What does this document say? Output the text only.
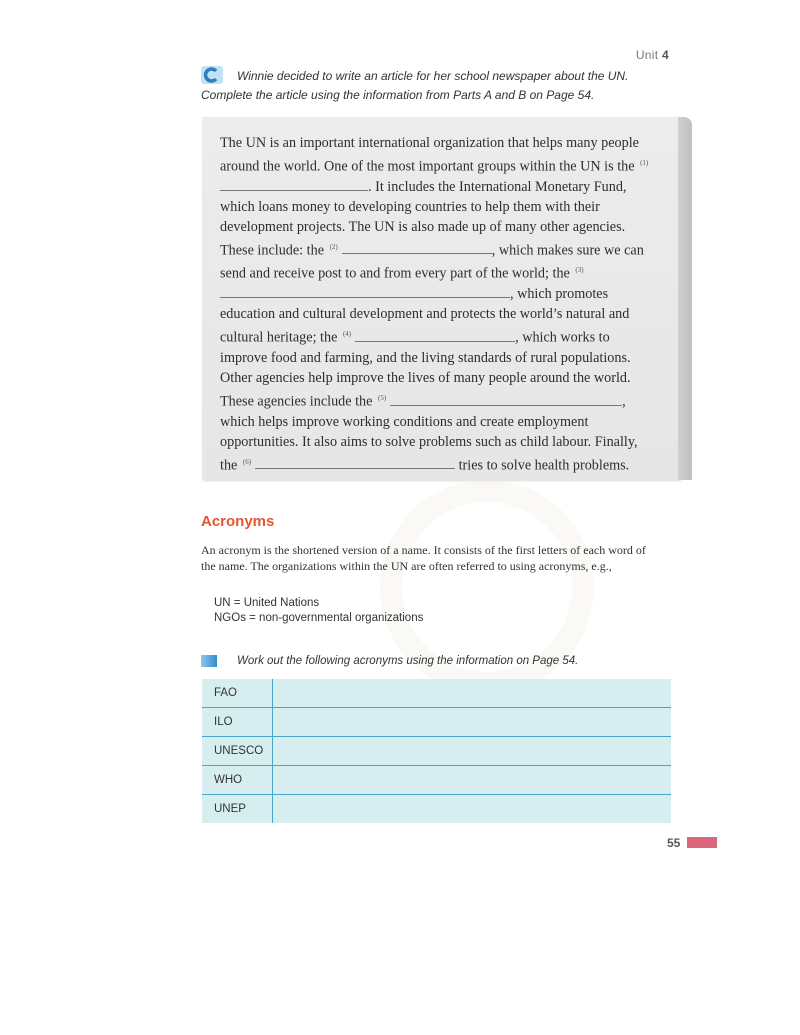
Unit 4
Winnie decided to write an article for her school newspaper about the UN.
Complete the article using the information from Parts A and B on Page 54.
The UN is an important international organization that helps many people around the world. One of the most important groups within the UN is the $^{(1)}$. It includes the International Monetary Fund, which loans money to developing countries to help them with their development projects. The UN is also made up of many other agencies. These include: the $^{(2)}$	, which makes sure we can send and receive post to and from every part of the world; the $^{(3)}$, which promotes education and cultural development and protects the world’s natural and cultural heritage; the $^{(4)}$	, which works to improve food and farming, and the living standards of rural populations. Other agencies help improve the lives of many people around the world. These agencies include the $^{(5)}$	, which helps improve working conditions and create employment opportunities. It also aims to solve problems such as child labour. Finally, the $^{(6)}$	tries to solve health problems.
Acronyms
An acronym is the shortened version of a name. It consists of the first letters of each word of the name. The organizations within the UN are often referred to using acronyms, e.g.,
UN = United Nations
NGOs = non-governmental organizations
Work out the following acronyms using the information on Page 54.
FAO	
ILO	
UNESCO	
WHO	
UNEP	
55
